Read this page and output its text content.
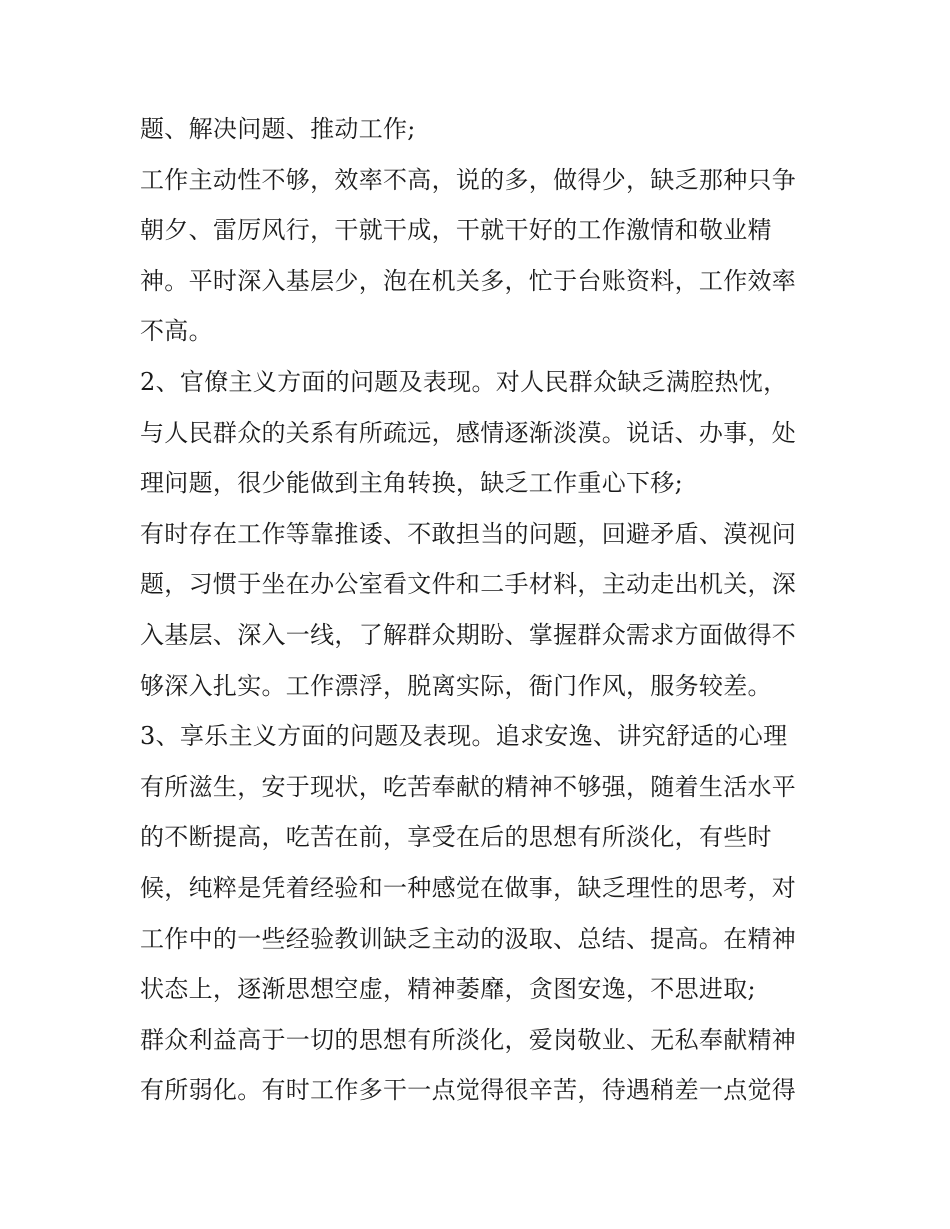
题、解决问题、推动工作;
工作主动性不够，效率不高，说的多，做得少，缺乏那种只争
朝夕、雷厉风行，干就干成，干就干好的工作激情和敬业精
神。平时深入基层少，泡在机关多，忙于台账资料，工作效率
不高。
2、官僚主义方面的问题及表现。对人民群众缺乏满腔热忱，
与人民群众的关系有所疏远，感情逐渐淡漠。说话、办事，处
理问题，很少能做到主角转换，缺乏工作重心下移;
有时存在工作等靠推诿、不敢担当的问题，回避矛盾、漠视问
题，习惯于坐在办公室看文件和二手材料，主动走出机关，深
入基层、深入一线，了解群众期盼、掌握群众需求方面做得不
够深入扎实。工作漂浮，脱离实际，衙门作风，服务较差。
3、享乐主义方面的问题及表现。追求安逸、讲究舒适的心理
有所滋生，安于现状，吃苦奉献的精神不够强，随着生活水平
的不断提高，吃苦在前，享受在后的思想有所淡化，有些时
候，纯粹是凭着经验和一种感觉在做事，缺乏理性的思考，对
工作中的一些经验教训缺乏主动的汲取、总结、提高。在精神
状态上，逐渐思想空虚，精神萎靡，贪图安逸，不思进取;
群众利益高于一切的思想有所淡化，爱岗敬业、无私奉献精神
有所弱化。有时工作多干一点觉得很辛苦，待遇稍差一点觉得
